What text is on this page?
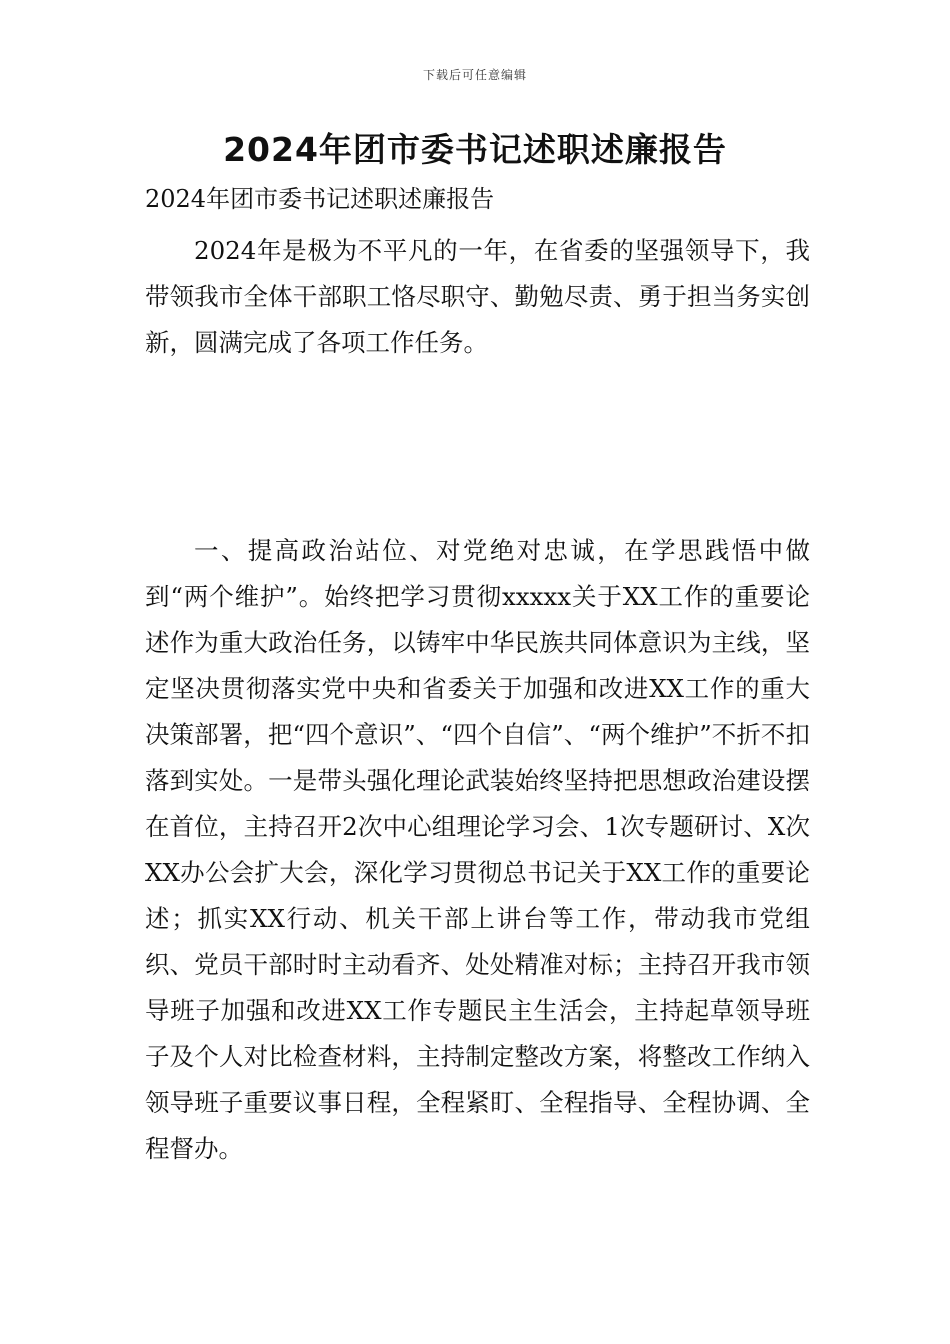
下载后可任意编辑
2024年团市委书记述职述廉报告
2024年团市委书记述职述廉报告

2024年是极为不平凡的一年，在省委的坚强领导下，我带领我市全体干部职工恪尽职守、勤勉尽责、勇于担当务实创新，圆满完成了各项工作任务。

一、提高政治站位、对党绝对忠诚，在学思践悟中做到“两个维护”。始终把学习贯彻xxxxx关于XX工作的重要论述作为重大政治任务，以铸牢中华民族共同体意识为主线，坚定坚决贯彻落实党中央和省委关于加强和改进XX工作的重大决策部署，把“四个意识”、“四个自信”、“两个维护”不折不扣落到实处。一是带头强化理论武装始终坚持把思想政治建设摆在首位，主持召开2次中心组理论学习会、1次专题研讨、X次XX办公会扩大会，深化学习贯彻总书记关于XX工作的重要论述；抓实XX行动、机关干部上讲台等工作，带动我市党组织、党员干部时时主动看齐、处处精准对标；主持召开我市领导班子加强和改进XX工作专题民主生活会，主持起草领导班子及个人对比检查材料，主持制定整改方案，将整改工作纳入领导班子重要议事日程，全程紧盯、全程指导、全程协调、全程督办。
